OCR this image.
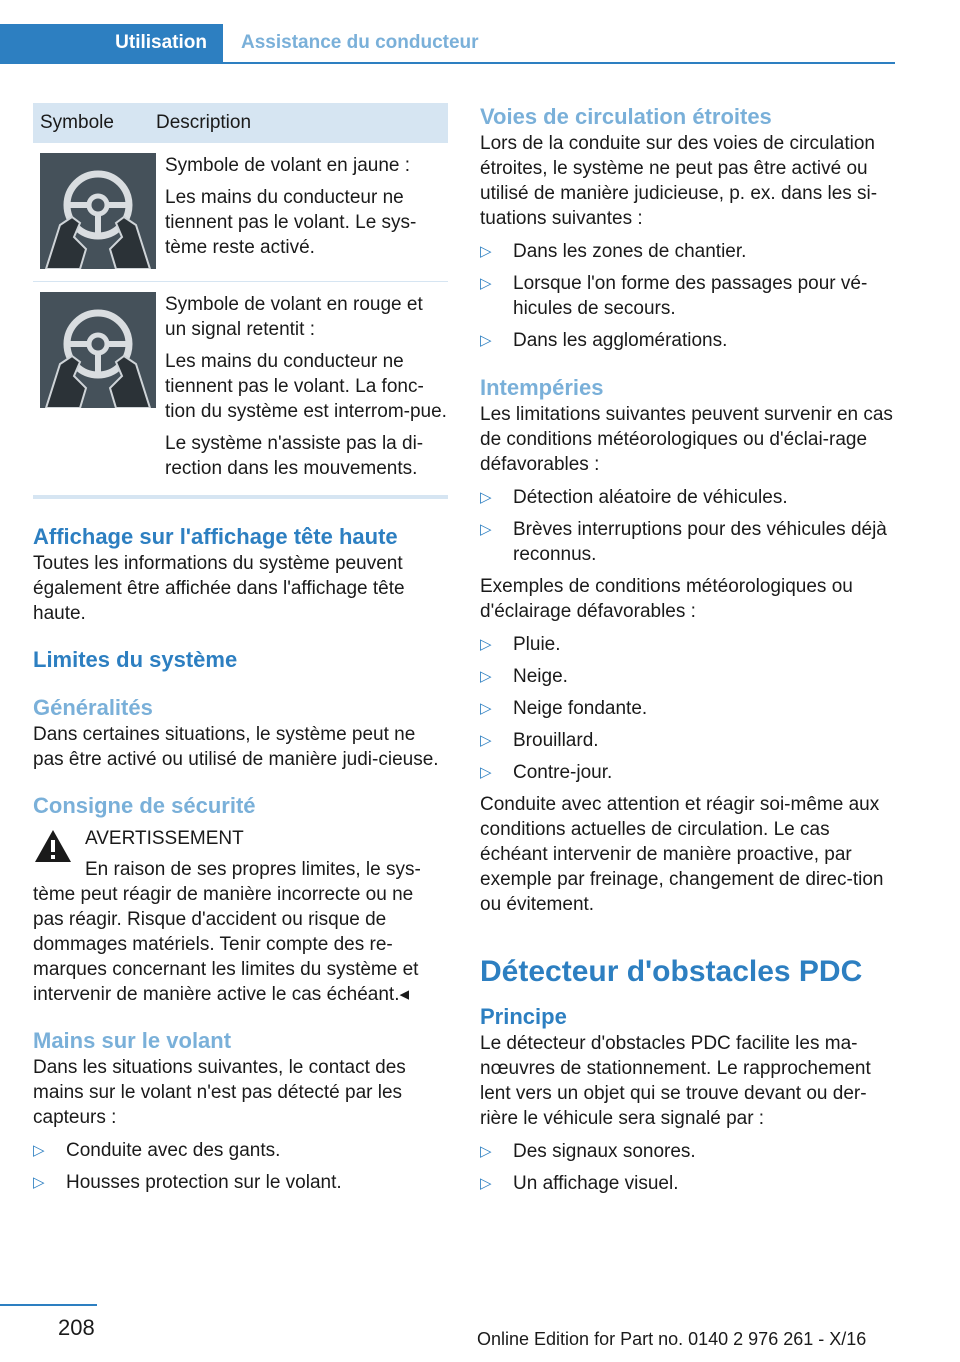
Utilisation	Assistance du conducteur
Symbole	Description

Symbole de volant en jaune :

Les mains du conducteur ne tiennent pas le volant. Le sys-tème reste activé.

Symbole de volant en rouge et un signal retentit :

Les mains du conducteur ne tiennent pas le volant. La fonc-tion du système est interrom-pue.

Le système n'assiste pas la di-rection dans les mouvements.

Affichage sur l'affichage tête haute

Toutes les informations du système peuvent également être affichée dans l'affichage tête haute.

Limites du système
Généralités

Dans certaines situations, le système peut ne pas être activé ou utilisé de manière judi-cieuse.

Consigne de sécurité

AVERTISSEMENT

En raison de ses propres limites, le sys-tème peut réagir de manière incorrecte ou ne pas réagir. Risque d'accident ou risque de dommages matériels. Tenir compte des re-marques concernant les limites du système et intervenir de manière active le cas échéant.◂

Mains sur le volant

Dans les situations suivantes, le contact des mains sur le volant n'est pas détecté par les capteurs :

▷ Conduite avec des gants.
▷ Housses protection sur le volant.
Voies de circulation étroites

Lors de la conduite sur des voies de circulation étroites, le système ne peut pas être activé ou utilisé de manière judicieuse, p. ex. dans les si-tuations suivantes :

▷ Dans les zones de chantier.
▷ Lorsque l'on forme des passages pour vé-hicules de secours.
▷ Dans les agglomérations.
Intempéries

Les limitations suivantes peuvent survenir en cas de conditions météorologiques ou d'éclai-rage défavorables :

▷ Détection aléatoire de véhicules.
▷ Brèves interruptions pour des véhicules déjà reconnus.

Exemples de conditions météorologiques ou d'éclairage défavorables :

▷ Pluie.
▷ Neige.
▷ Neige fondante.
▷ Brouillard.
▷ Contre-jour.

Conduite avec attention et réagir soi-même aux conditions actuelles de circulation. Le cas échéant intervenir de manière proactive, par exemple par freinage, changement de direc-tion ou évitement.

Détecteur d'obstacles PDC
Principe

Le détecteur d'obstacles PDC facilite les ma-nœuvres de stationnement. Le rapprochement lent vers un objet qui se trouve devant ou der-rière le véhicule sera signalé par :

▷ Des signaux sonores.
▷ Un affichage visuel.
208	Online Edition for Part no. 0140 2 976 261 - X/16
